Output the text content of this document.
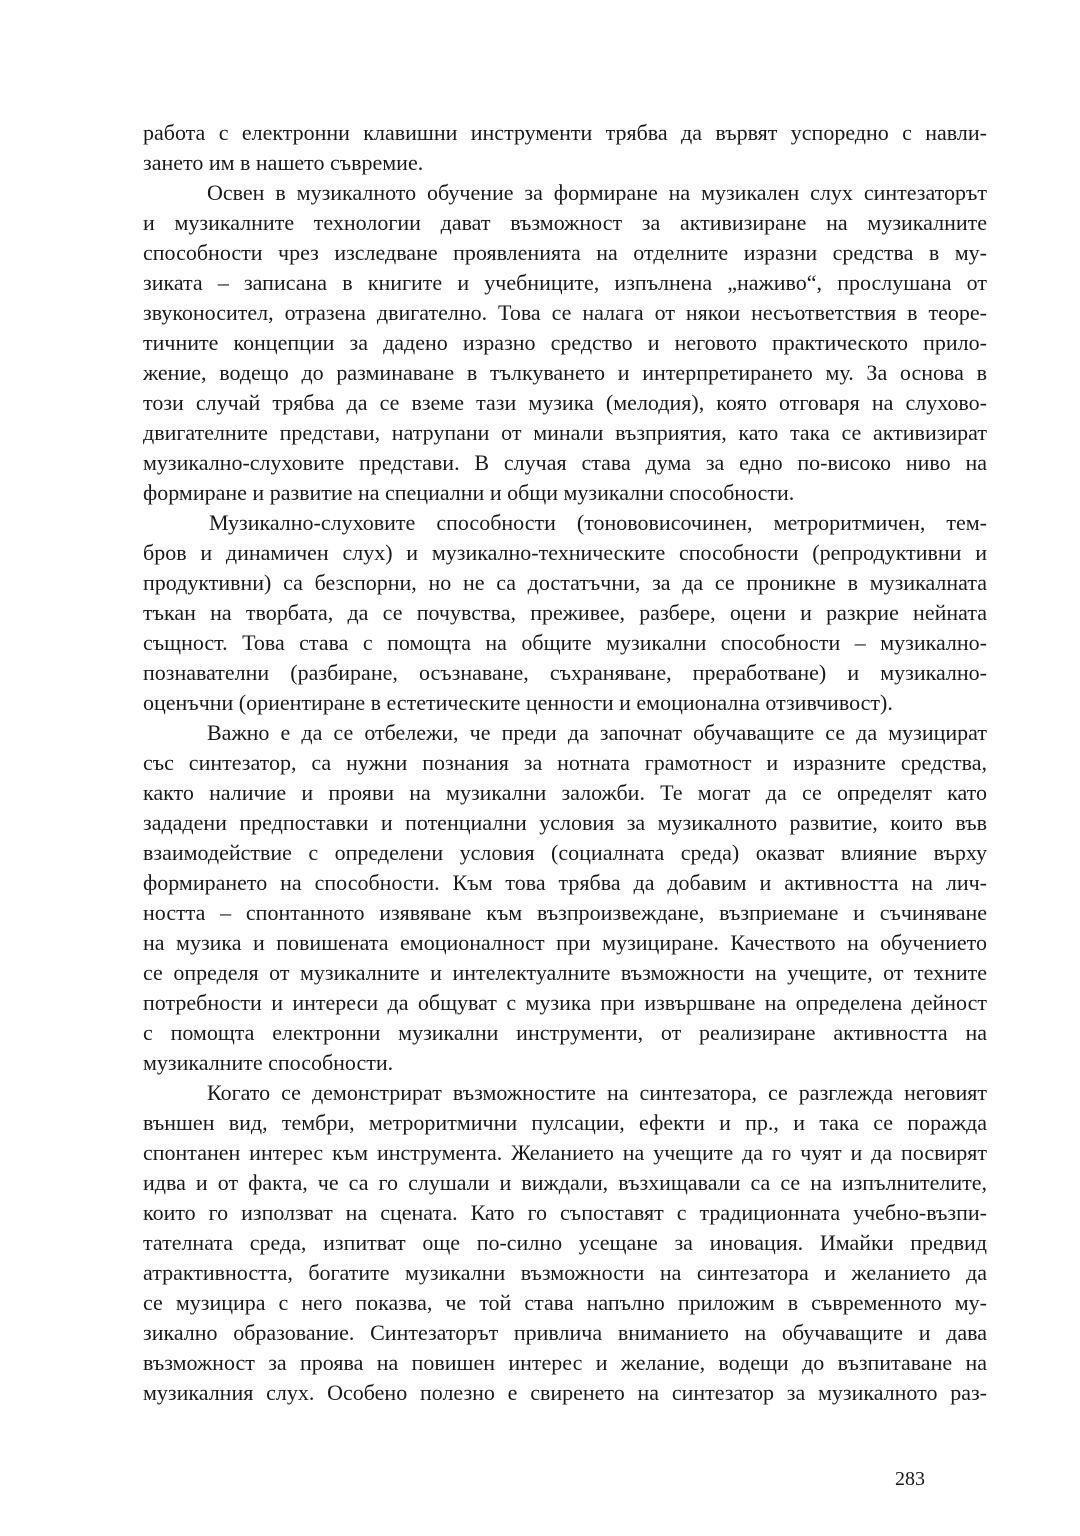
работа с електронни клавишни инструменти трябва да вървят успоредно с навли-
зането им в нашето съвремие.
Освен в музикалното обучение за формиране на музикален слух синтезаторът
и музикалните технологии дават възможност за активизиране на музикалните
способности чрез изследване проявленията на отделните изразни средства в му-
зиката – записана в книгите и учебниците, изпълнена „наживо“, прослушана от
звуконосител, отразена двигателно. Това се налага от някои несъответствия в теоре-
тичните концепции за дадено изразно средство и неговото практическото прило-
жение, водещо до разминаване в тълкуването и интерпретирането му. За основа в
този случай трябва да се вземе тази музика (мелодия), която отговаря на слухово-
двигателните представи, натрупани от минали възприятия, като така се активизират
музикално-слуховите представи. В случая става дума за едно по-високо ниво на
формиране и развитие на специални и общи музикални способности.
Музикално-слуховите способности (тонововисочинен, метроритмичен, тем-
бров и динамичен слух) и музикално-техническите способности (репродуктивни и
продуктивни) са безспорни, но не са достатъчни, за да се проникне в музикалната
тъкан на творбата, да се почувства, преживее, разбере, оцени и разкрие нейната
същност. Това става с помощта на общите музикални способности – музикално-
познавателни (разбиране, осъзнаване, съхраняване, преработване) и музикално-
оценъчни (ориентиране в естетическите ценности и емоционална отзивчивост).
Важно е да се отбележи, че преди да започнат обучаващите се да музицират
със синтезатор, са нужни познания за нотната грамотност и изразните средства,
както наличие и прояви на музикални заложби. Те могат да се определят като
зададени предпоставки и потенциални условия за музикалното развитие, които във
взаимодействие с определени условия (социалната среда) оказват влияние върху
формирането на способности. Към това трябва да добавим и активността на лич-
ността – спонтанното изявяване към възпроизвеждане, възприемане и съчиняване
на музика и повишената емоционалност при музициране. Качеството на обучението
се определя от музикалните и интелектуалните възможности на учещите, от техните
потребности и интереси да общуват с музика при извършване на определена дейност
с помощта електронни музикални инструменти, от реализиране активността на
музикалните способности.
Когато се демонстрират възможностите на синтезатора, се разглежда неговият
външен вид, тембри, метроритмични пулсации, ефекти и пр., и така се поражда
спонтанен интерес към инструмента. Желанието на учещите да го чуят и да посвирят
идва и от факта, че са го слушали и виждали, възхищавали са се на изпълнителите,
които го използват на сцената. Като го съпоставят с традиционната учебно-възпи-
тателната среда, изпитват още по-силно усещане за иновация. Имайки предвид
атрактивността, богатите музикални възможности на синтезатора и желанието да
се музицира с него показва, че той става напълно приложим в съвременното му-
зикално образование. Синтезаторът привлича вниманието на обучаващите и дава
възможност за проява на повишен интерес и желание, водещи до възпитаване на
музикалния слух. Особено полезно е свиренето на синтезатор за музикалното раз-
283
